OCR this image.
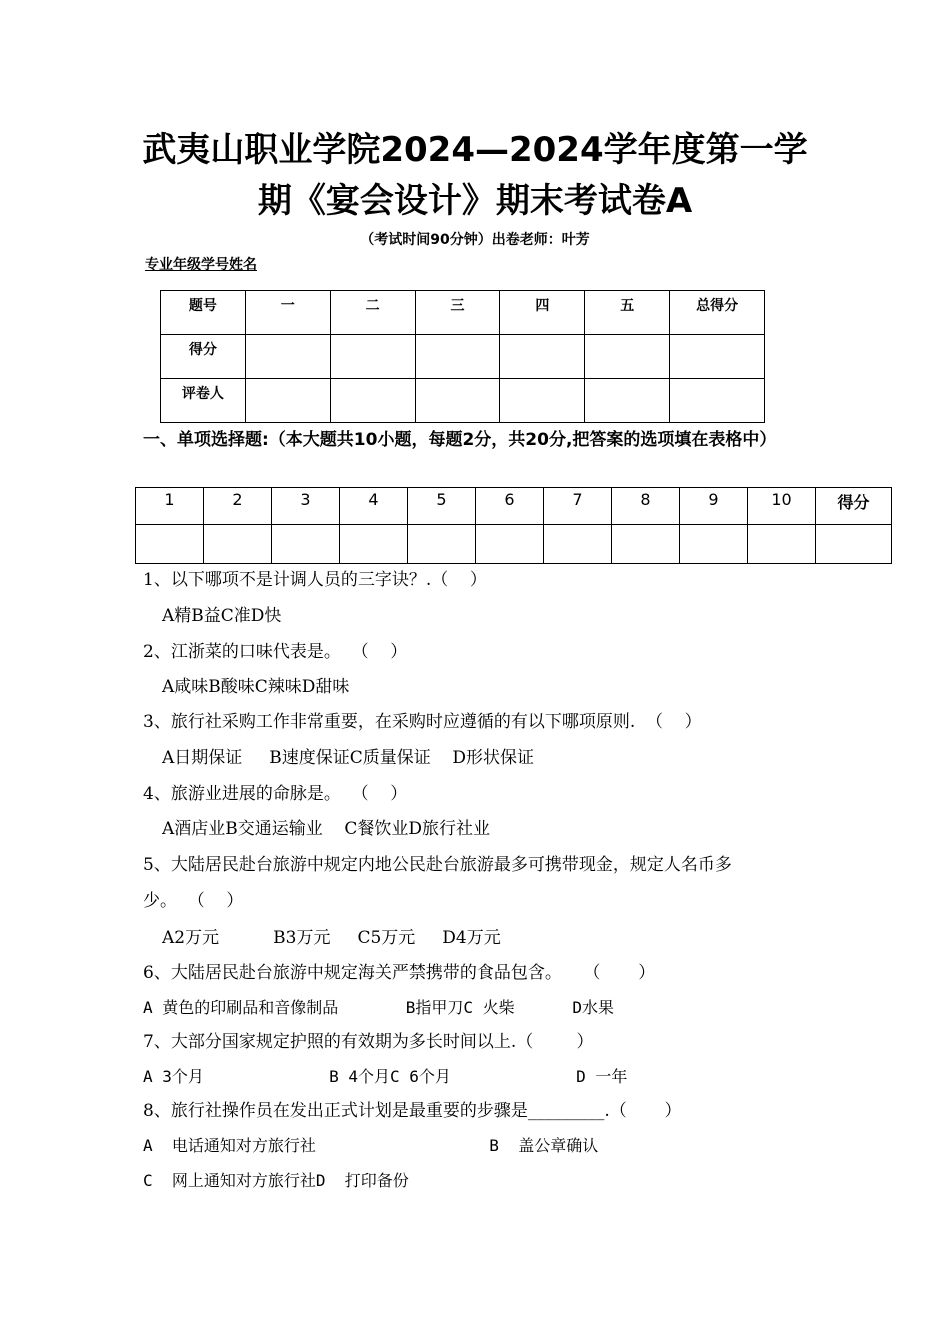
武夷山职业学院2024—2024学年度第一学
期《宴会设计》期末考试卷A
（考试时间90分钟）出卷老师：叶芳
专业年级学号姓名
题号	一	二	三	四	五	总得分
得分						
评卷人						
一、单项选择题:（本大题共10小题，每题2分，共20分,把答案的选项填在表格中）
1	2	3	4	5	6	7	8	9	10	得分

1、以下哪项不是计调人员的三字诀？.（    ）
A精B益C准D快
2、江浙菜的口味代表是。  （    ）
A咸味B酸味C辣味D甜味
3、旅行社采购工作非常重要，在采购时应遵循的有以下哪项原则.  （    ）
A日期保证     B速度保证C质量保证    D形状保证
4、旅游业进展的命脉是。  （    ）
A酒店业B交通运输业    C餐饮业D旅行社业
5、大陆居民赴台旅游中规定内地公民赴台旅游最多可携带现金，规定人名币多
少。  （    ）
A2万元          B3万元     C5万元     D4万元
6、大陆居民赴台旅游中规定海关严禁携带的食品包含。    （       ）
A 黄色的印刷品和音像制品       B指甲刀C 火柴      D水果
7、大部分国家规定护照的有效期为多长时间以上.（        ）
A 3个月             B 4个月C 6个月             D 一年
8、旅行社操作员在发出正式计划是最重要的步骤是_________.（       ）
A  电话通知对方旅行社                  B  盖公章确认
C  网上通知对方旅行社D  打印备份
